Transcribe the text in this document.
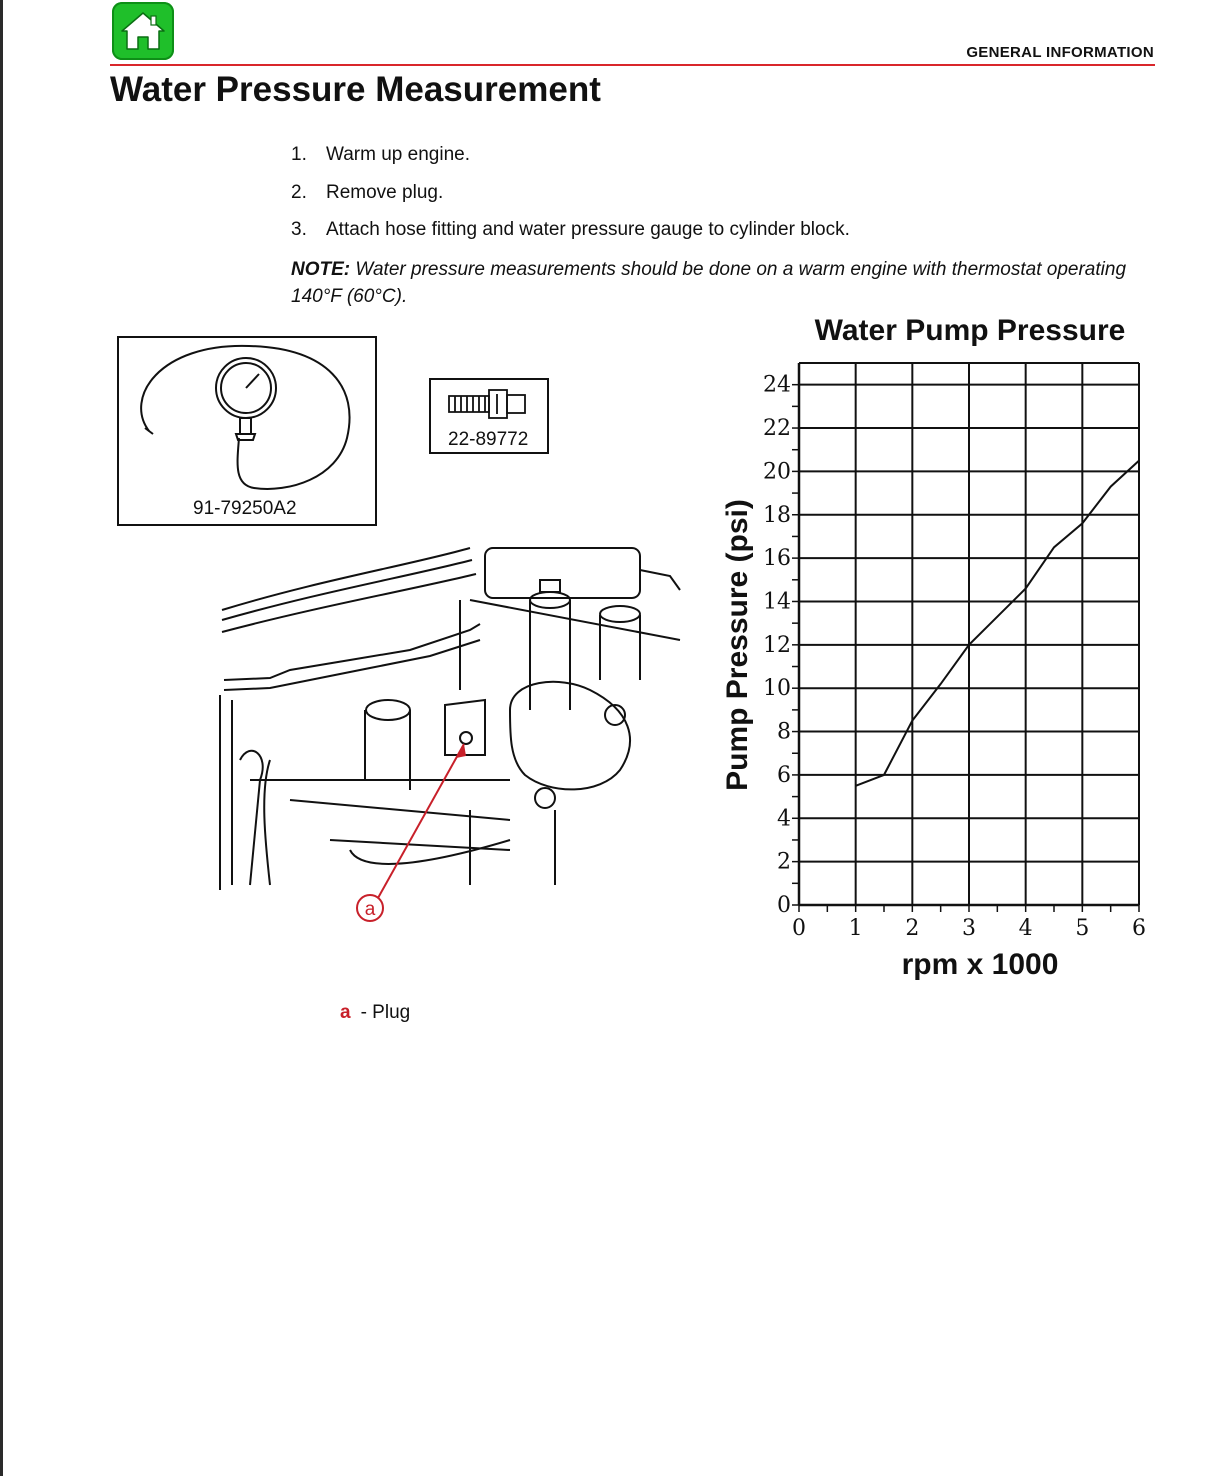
GENERAL INFORMATION
Water Pressure Measurement
1.	Warm up engine.
2.	Remove plug.
3.	Attach hose fitting and water pressure gauge to cylinder block.
NOTE: Water pressure measurements should be done on a warm engine with thermostat operating 140°F (60°C).
91-79250A2
22-89772
a
a - Plug
Water Pump Pressure
0 1 2 3 4 5 6
0
2
4
6
8
10
12
14
16
18
20
22
24
Pump Pressure (psi)
rpm x 1000
